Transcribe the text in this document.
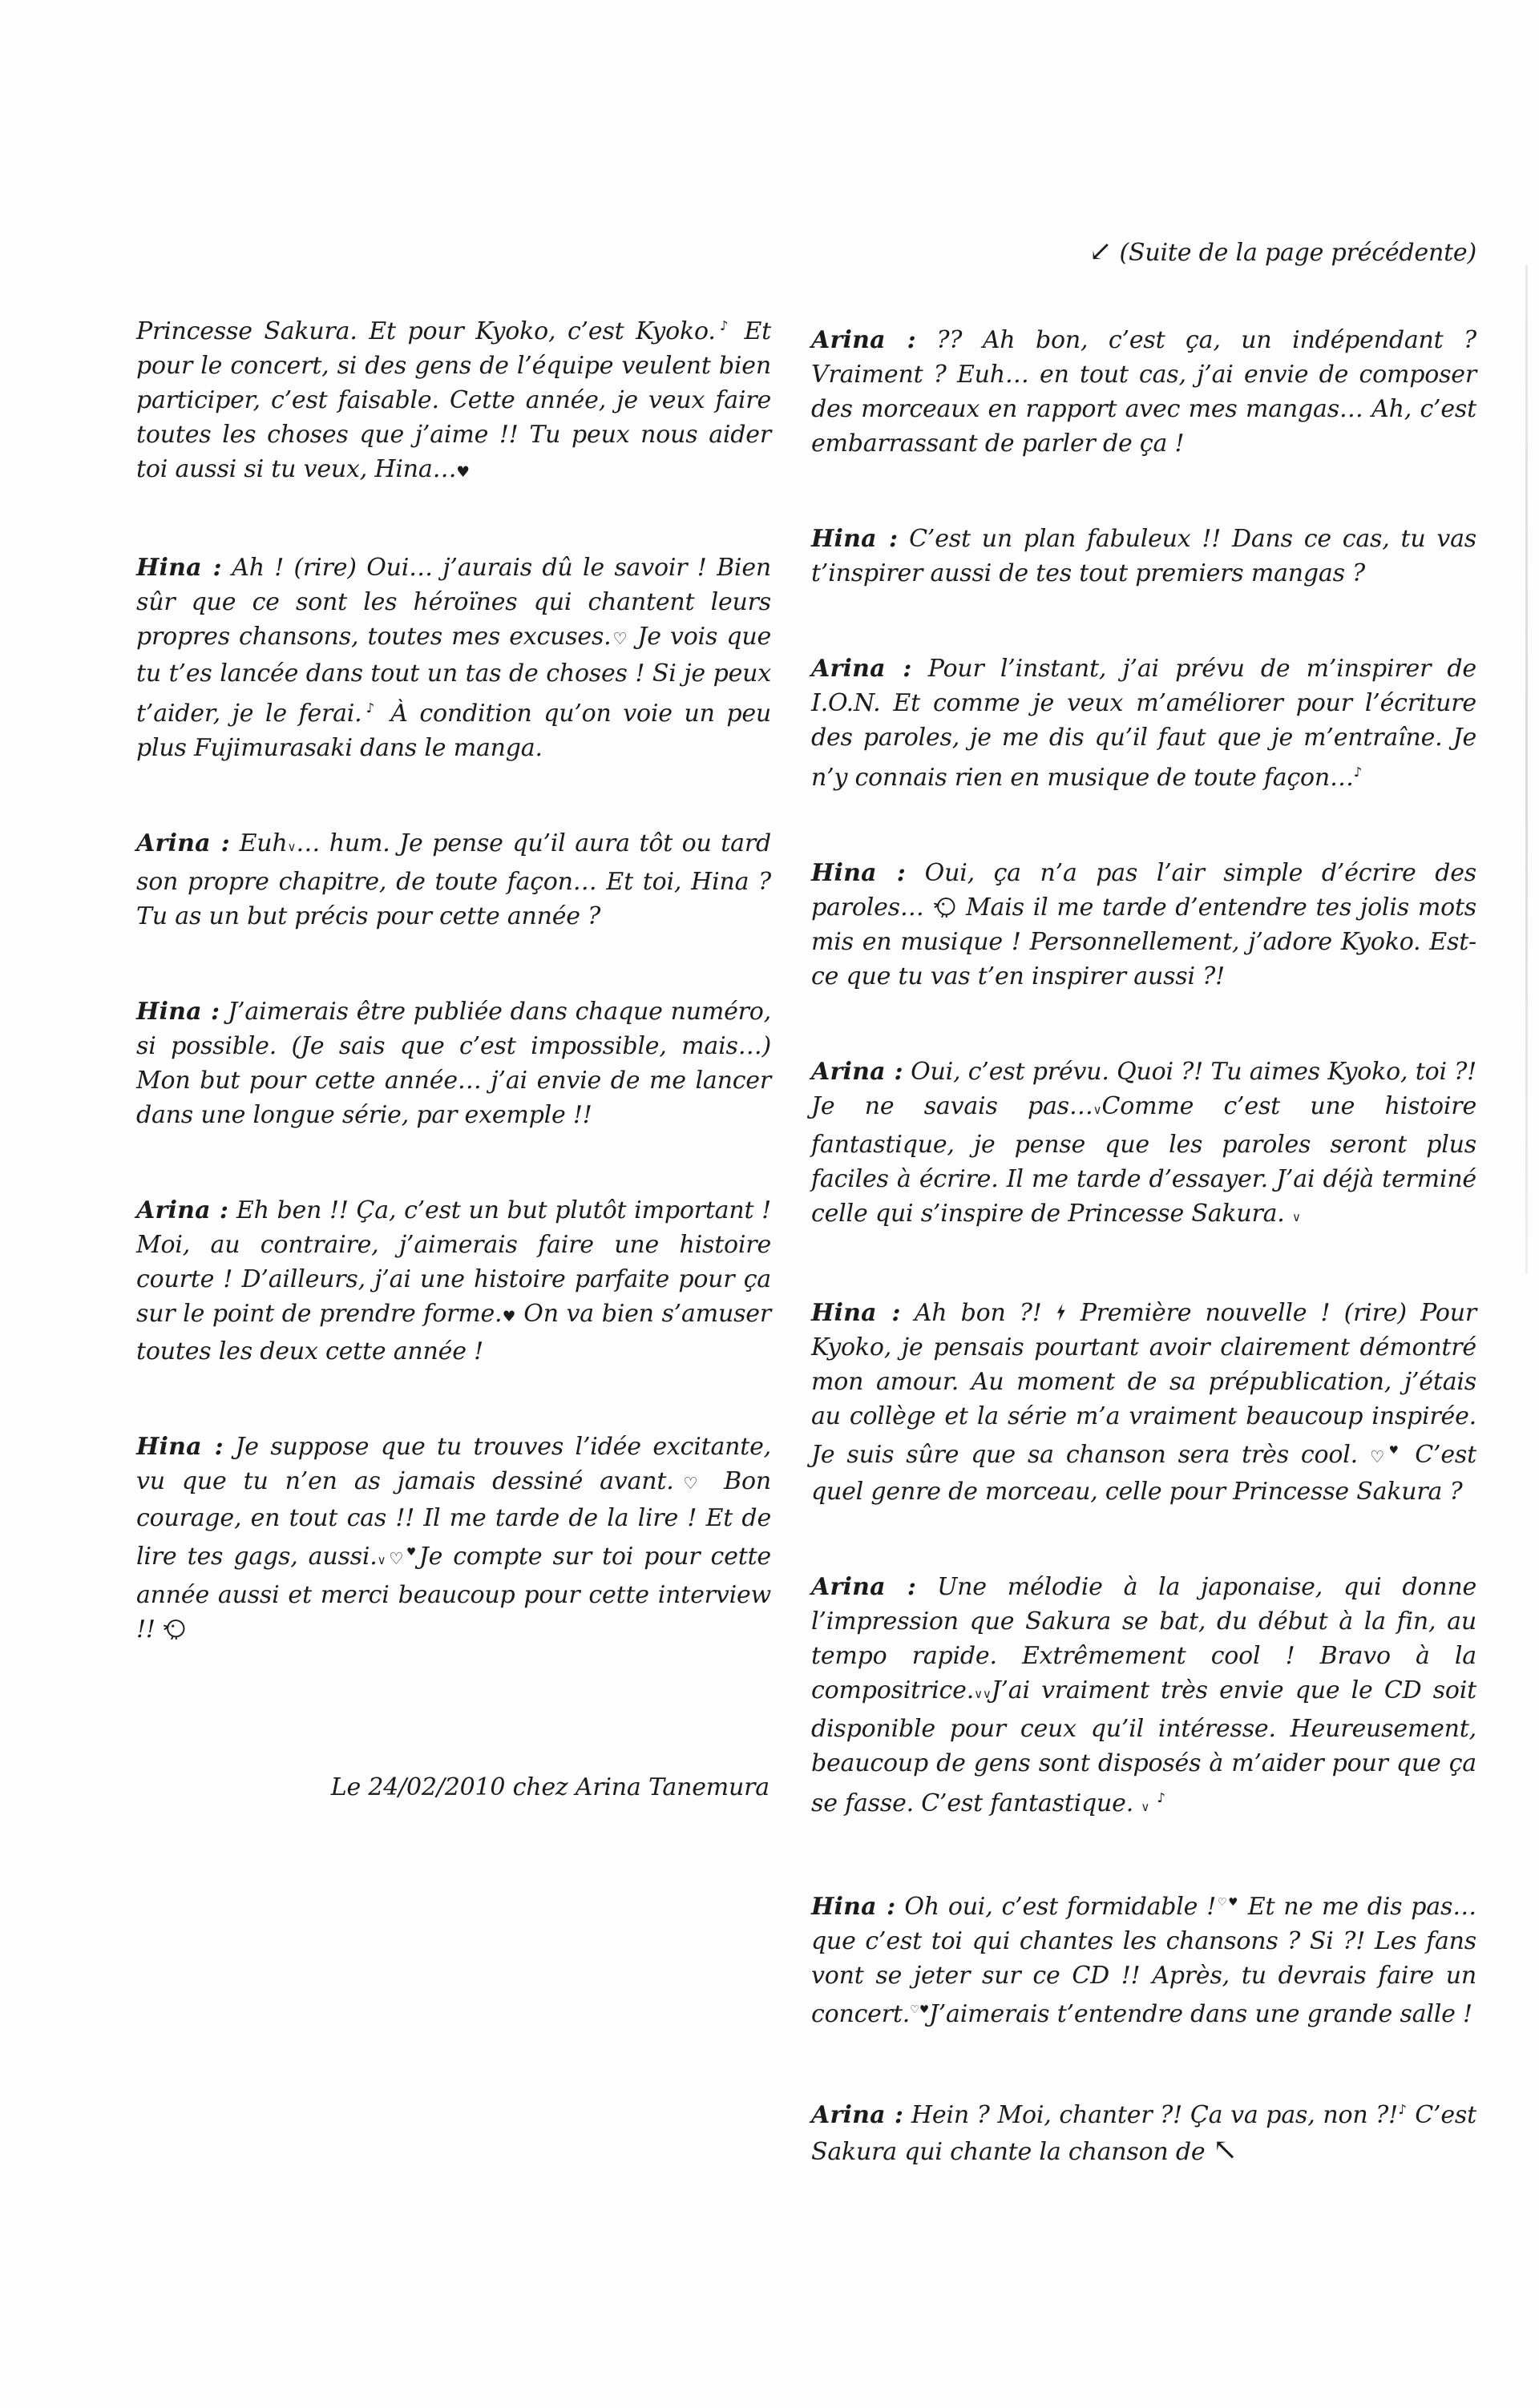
Princesse Sakura. Et pour Kyoko, c’est Kyoko.♪ Et pour le concert, si des gens de l’équipe veulent bien participer, c’est faisable. Cette année, je veux faire toutes les choses que j’aime !! Tu peux nous aider toi aussi si tu veux, Hina…♥
Hina : Ah ! (rire) Oui… j’aurais dû le savoir ! Bien sûr que ce sont les héroïnes qui chantent leurs propres chansons, toutes mes excuses.♡ Je vois que tu t’es lancée dans tout un tas de choses ! Si je peux t’aider, je le ferai.♪ À condition qu’on voie un peu plus Fujimurasaki dans le manga.
Arina : Euh∨… hum. Je pense qu’il aura tôt ou tard son propre chapitre, de toute façon… Et toi, Hina ? Tu as un but précis pour cette année ?
Hina : J’aimerais être publiée dans chaque numéro, si possible. (Je sais que c’est impossible, mais…) Mon but pour cette année… j’ai envie de me lancer dans une longue série, par exemple !!
Arina : Eh ben !! Ça, c’est un but plutôt important ! Moi, au contraire, j’aimerais faire une histoire courte ! D’ailleurs, j’ai une histoire parfaite pour ça sur le point de prendre forme.♥ On va bien s’amuser toutes les deux cette année !
Hina : Je suppose que tu trouves l’idée excitante, vu que tu n’en as jamais dessiné avant.♡ Bon courage, en tout cas !! Il me tarde de la lire ! Et de lire tes gags, aussi.∨♡♥Je compte sur toi pour cette année aussi et merci beaucoup pour cette interview !!
Le 24/02/2010 chez Arina Tanemura
↙ (Suite de la page précédente)
Arina : ?? Ah bon, c’est ça, un indépendant ? Vraiment ? Euh… en tout cas, j’ai envie de composer des morceaux en rapport avec mes mangas… Ah, c’est embarrassant de parler de ça !
Hina : C’est un plan fabuleux !! Dans ce cas, tu vas t’inspirer aussi de tes tout premiers mangas ?
Arina : Pour l’instant, j’ai prévu de m’inspirer de I.O.N. Et comme je veux m’améliorer pour l’écriture des paroles, je me dis qu’il faut que je m’entraîne. Je n’y connais rien en musique de toute façon…♪
Hina : Oui, ça n’a pas l’air simple d’écrire des paroles…  Mais il me tarde d’entendre tes jolis mots mis en musique ! Personnellement, j’adore Kyoko. Est-ce que tu vas t’en inspirer aussi ?!
Arina : Oui, c’est prévu. Quoi ?! Tu aimes Kyoko, toi ?! Je ne savais pas…∨Comme c’est une histoire fantastique, je pense que les paroles seront plus faciles à écrire. Il me tarde d’essayer. J’ai déjà terminé celle qui s’inspire de Princesse Sakura. ∨
Hina : Ah bon ?!  Première nouvelle ! (rire) Pour Kyoko, je pensais pourtant avoir clairement démontré mon amour. Au moment de sa prépublication, j’étais au collège et la série m’a vraiment beaucoup inspirée. Je suis sûre que sa chanson sera très cool. ♡♥ C’est quel genre de morceau, celle pour Princesse Sakura ?
Arina : Une mélodie à la japonaise, qui donne l’impression que Sakura se bat, du début à la fin, au tempo rapide. Extrêmement cool ! Bravo à la compositrice.∨∨J’ai vraiment très envie que le CD soit disponible pour ceux qu’il intéresse. Heureusement, beaucoup de gens sont disposés à m’aider pour que ça se fasse. C’est fantastique. ∨ ♪
Hina : Oh oui, c’est formidable !♡♥ Et ne me dis pas… que c’est toi qui chantes les chansons ? Si ?! Les fans vont se jeter sur ce CD !! Après, tu devrais faire un concert.♡♥J’aimerais t’entendre dans une grande salle !
Arina : Hein ? Moi, chanter ?! Ça va pas, non ?!♪ C’est Sakura qui chante la chanson de ↖
